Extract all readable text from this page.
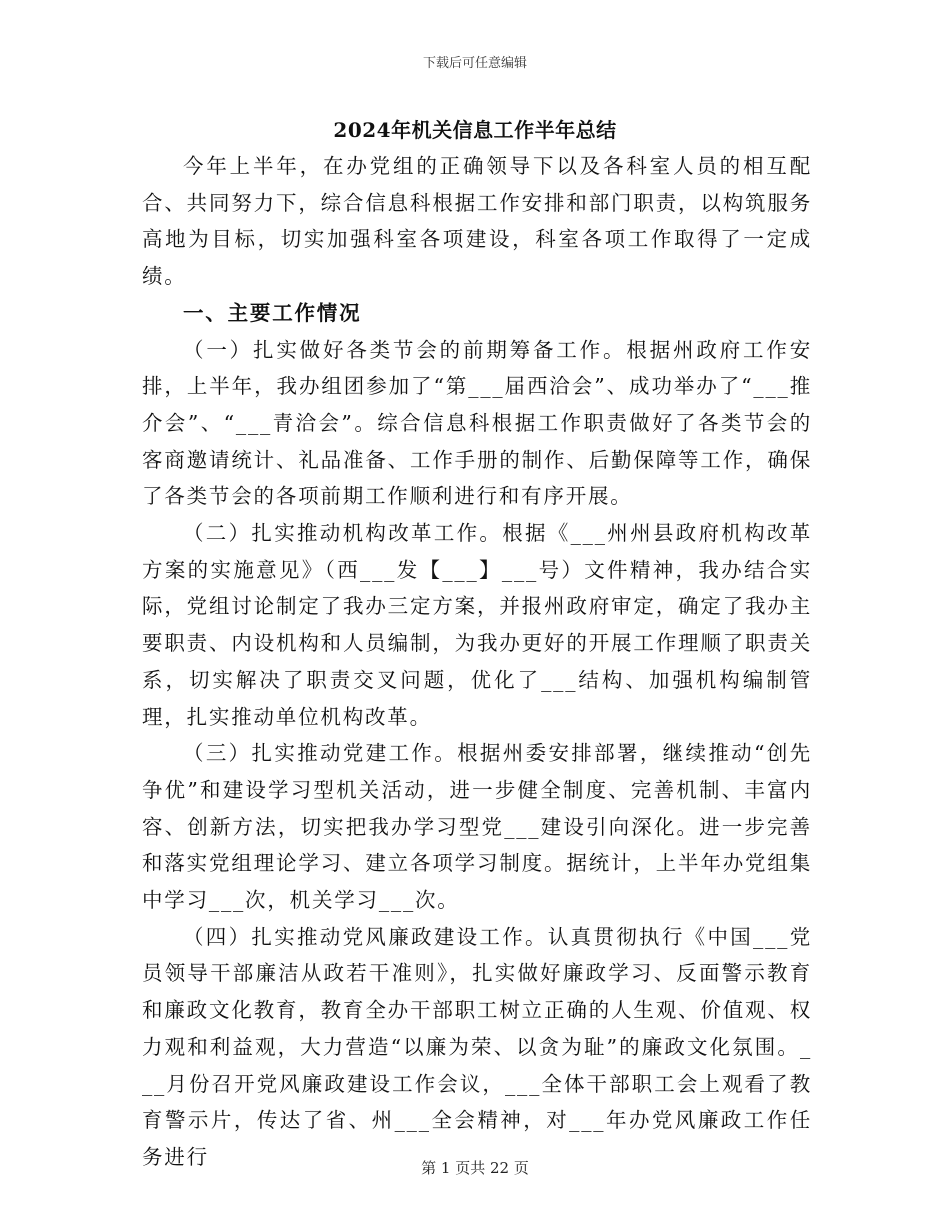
下载后可任意编辑
2024年机关信息工作半年总结

今年上半年，在办党组的正确领导下以及各科室人员的相互配合、共同努力下，综合信息科根据工作安排和部门职责，以构筑服务高地为目标，切实加强科室各项建设，科室各项工作取得了一定成绩。

一、主要工作情况

（一）扎实做好各类节会的前期筹备工作。根据州政府工作安排，上半年，我办组团参加了“第___届西洽会”、成功举办了“___推介会”、“___青洽会”。综合信息科根据工作职责做好了各类节会的客商邀请统计、礼品准备、工作手册的制作、后勤保障等工作，确保了各类节会的各项前期工作顺利进行和有序开展。

（二）扎实推动机构改革工作。根据《___州州县政府机构改革方案的实施意见》（西___发【___】___号）文件精神，我办结合实际，党组讨论制定了我办三定方案，并报州政府审定，确定了我办主要职责、内设机构和人员编制，为我办更好的开展工作理顺了职责关系，切实解决了职责交叉问题，优化了___结构、加强机构编制管理，扎实推动单位机构改革。

（三）扎实推动党建工作。根据州委安排部署，继续推动“创先争优”和建设学习型机关活动，进一步健全制度、完善机制、丰富内容、创新方法，切实把我办学习型党___建设引向深化。进一步完善和落实党组理论学习、建立各项学习制度。据统计，上半年办党组集中学习___次，机关学习___次。

（四）扎实推动党风廉政建设工作。认真贯彻执行《中国___党员领导干部廉洁从政若干准则》，扎实做好廉政学习、反面警示教育和廉政文化教育，教育全办干部职工树立正确的人生观、价值观、权力观和利益观，大力营造“以廉为荣、以贪为耻”的廉政文化氛围。___月份召开党风廉政建设工作会议，___全体干部职工会上观看了教育警示片，传达了省、州___全会精神，对___年办党风廉政工作任务进行	第 1 页共 22 页
